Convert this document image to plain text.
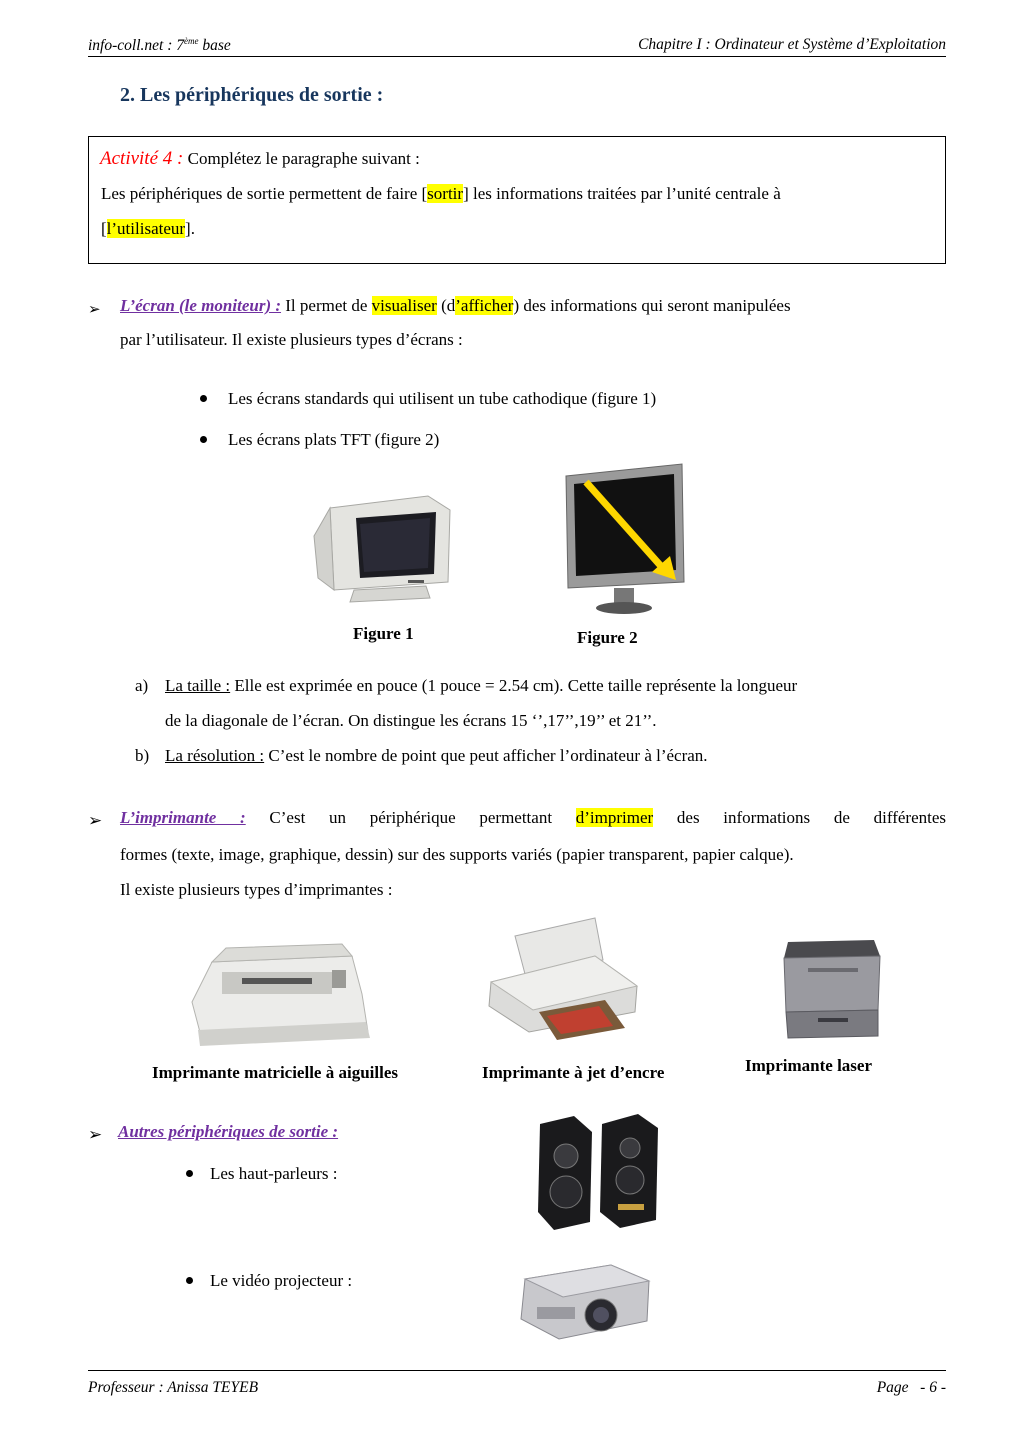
info-coll.net : 7ème base	Chapitre I : Ordinateur et Système d’Exploitation
2. Les périphériques de sortie :
Activité 4 : Complétez le paragraphe suivant :
Les périphériques de sortie permettent de faire [sortir] les informations traitées par l’unité centrale à
[l’utilisateur].
➢ L’écran (le moniteur) : Il permet de visualiser (d’afficher) des informations qui seront manipulées
par l’utilisateur. Il existe plusieurs types d’écrans :
Les écrans standards qui utilisent un tube cathodique (figure 1)
Les écrans plats TFT (figure 2)
Figure 1	Figure 2
a) La taille : Elle est exprimée en pouce (1 pouce = 2.54 cm). Cette taille représente la longueur
de la diagonale de l’écran. On distingue les écrans 15 ‘’,17’’,19’’ et 21’’.
b) La résolution : C’est le nombre de point que peut afficher l’ordinateur à l’écran.
➢ L’imprimante : C’est un périphérique permettant d’imprimer des informations de différentes
formes (texte, image, graphique, dessin) sur des supports variés (papier transparent, papier calque).
Il existe plusieurs types d’imprimantes :
Imprimante matricielle à aiguilles	Imprimante à jet d’encre	Imprimante laser
➢ Autres périphériques de sortie :
Les haut-parleurs :
Le vidéo projecteur :
Professeur : Anissa TEYEB	Page   - 6 -
